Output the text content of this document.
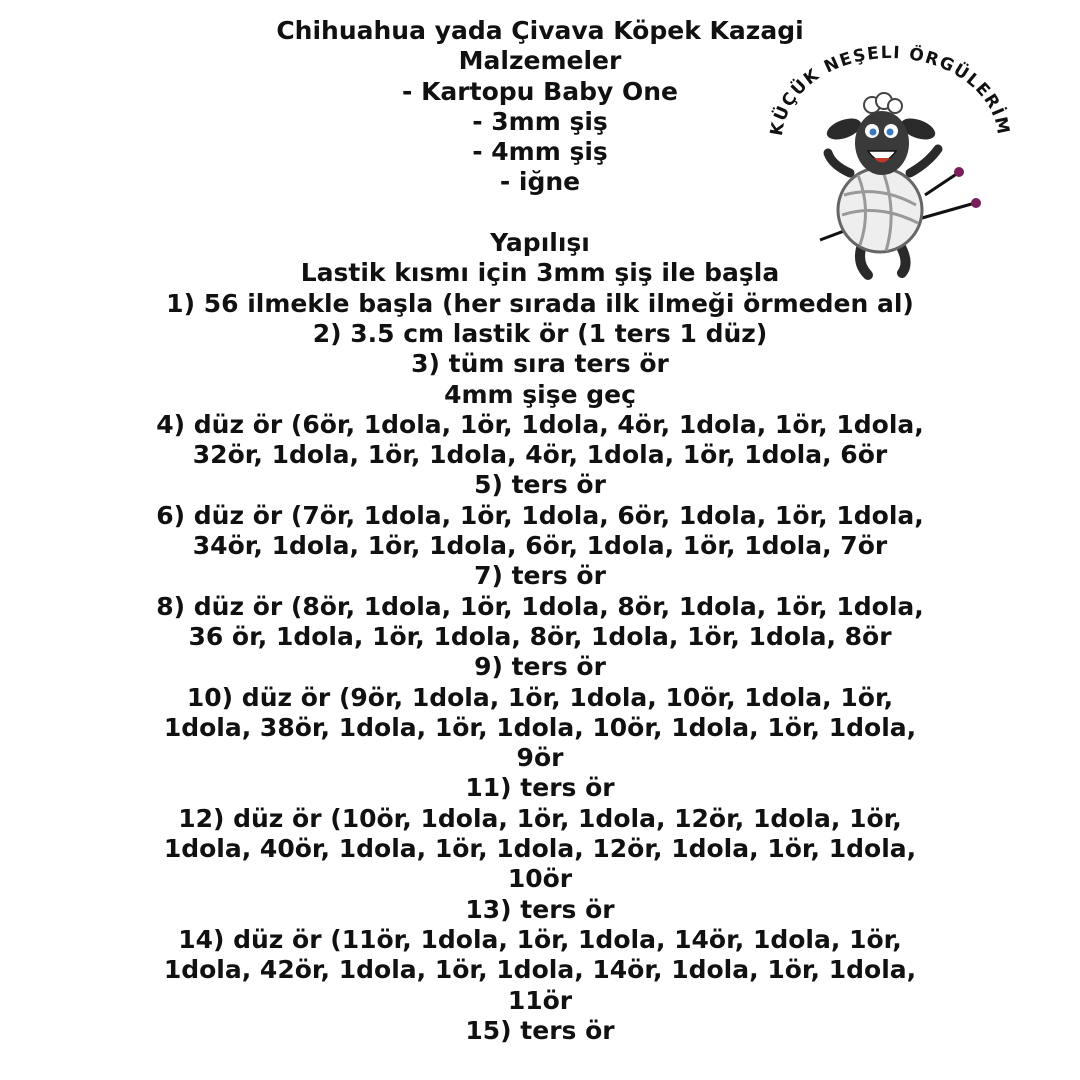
Chihuahua yada Çivava Köpek Kazagi
Malzemeler
- Kartopu Baby One
- 3mm şiş
- 4mm şiş
- iğne
Yapılışı
Lastik kısmı için 3mm şiş ile başla
1) 56 ilmekle başla (her sırada ilk ilmeği örmeden al)
2) 3.5 cm lastik ör (1 ters 1 düz)
3) tüm sıra ters ör
4mm şişe geç
4) düz ör (6ör, 1dola, 1ör, 1dola, 4ör, 1dola, 1ör, 1dola,
32ör, 1dola, 1ör, 1dola, 4ör, 1dola, 1ör, 1dola, 6ör
5) ters ör
6) düz ör (7ör, 1dola, 1ör, 1dola, 6ör, 1dola, 1ör, 1dola,
34ör, 1dola, 1ör, 1dola, 6ör, 1dola, 1ör, 1dola, 7ör
7) ters ör
8) düz ör (8ör, 1dola, 1ör, 1dola, 8ör, 1dola, 1ör, 1dola,
36 ör, 1dola, 1ör, 1dola, 8ör, 1dola, 1ör, 1dola, 8ör
9) ters ör
10) düz ör (9ör, 1dola, 1ör, 1dola, 10ör, 1dola, 1ör,
1dola, 38ör, 1dola, 1ör, 1dola, 10ör, 1dola, 1ör, 1dola,
9ör
11) ters ör
12) düz ör (10ör, 1dola, 1ör, 1dola, 12ör, 1dola, 1ör,
1dola, 40ör, 1dola, 1ör, 1dola, 12ör, 1dola, 1ör, 1dola,
10ör
13) ters ör
14) düz ör (11ör, 1dola, 1ör, 1dola, 14ör, 1dola, 1ör,
1dola, 42ör, 1dola, 1ör, 1dola, 14ör, 1dola, 1ör, 1dola,
11ör
15) ters ör
KÜÇÜK NEŞELİ ÖRGÜLERİM
